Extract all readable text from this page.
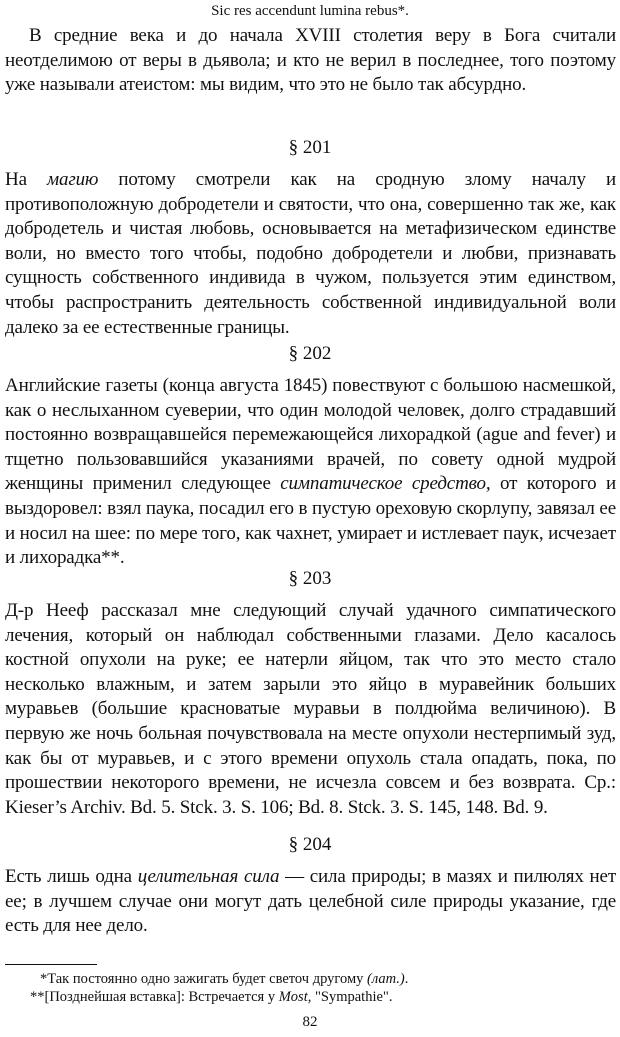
Sic res accendunt lumina rebus*.

В средние века и до начала XVIII столетия веру в Бога считали неотделимою от веры в дьявола; и кто не верил в последнее, того поэтому уже называли атеистом: мы видим, что это не было так абсурдно.

§ 201

На магию потому смотрели как на сродную злому началу и противоположную добродетели и святости, что она, совершенно так же, как добродетель и чистая любовь, основывается на метафизическом единстве воли, но вместо того чтобы, подобно добродетели и любви, признавать сущность собственного индивида в чужом, пользуется этим единством, чтобы распространить деятельность собственной индивидуальной воли далеко за ее естественные границы.

§ 202

Английские газеты (конца августа 1845) повествуют с большою насмешкой, как о неслыханном суеверии, что один молодой человек, долго страдавший постоянно возвращавшейся перемежающейся лихорадкой (ague and fever) и тщетно пользовавшийся указаниями врачей, по совету одной мудрой женщины применил следующее симпатическое средство, от которого и выздоровел: взял паука, посадил его в пустую ореховую скорлупу, завязал ее и носил на шее: по мере того, как чахнет, умирает и истлевает паук, исчезает и лихорадка**.

§ 203

Д-р Нееф рассказал мне следующий случай удачного симпатического лечения, который он наблюдал собственными глазами. Дело касалось костной опухоли на руке; ее натерли яйцом, так что это место стало несколько влажным, и затем зарыли это яйцо в муравейник больших муравьев (большие красноватые муравьи в полдюйма величиною). В первую же ночь больная почувствовала на месте опухоли нестерпимый зуд, как бы от муравьев, и с этого времени опухоль стала опадать, пока, по прошествии некоторого времени, не исчезла совсем и без возврата. Ср.: Kieser’s Archiv. Bd. 5. Stck. 3. S. 106; Bd. 8. Stck. 3. S. 145, 148. Bd. 9.

§ 204

Есть лишь одна целительная сила — сила природы; в мазях и пилюлях нет ее; в лучшем случае они могут дать целебной силе природы указание, где есть для нее дело.

*Так постоянно одно зажигать будет светоч другому (лат.).

**[Позднейшая вставка]: Встречается у Most, "Sympathie".

82
